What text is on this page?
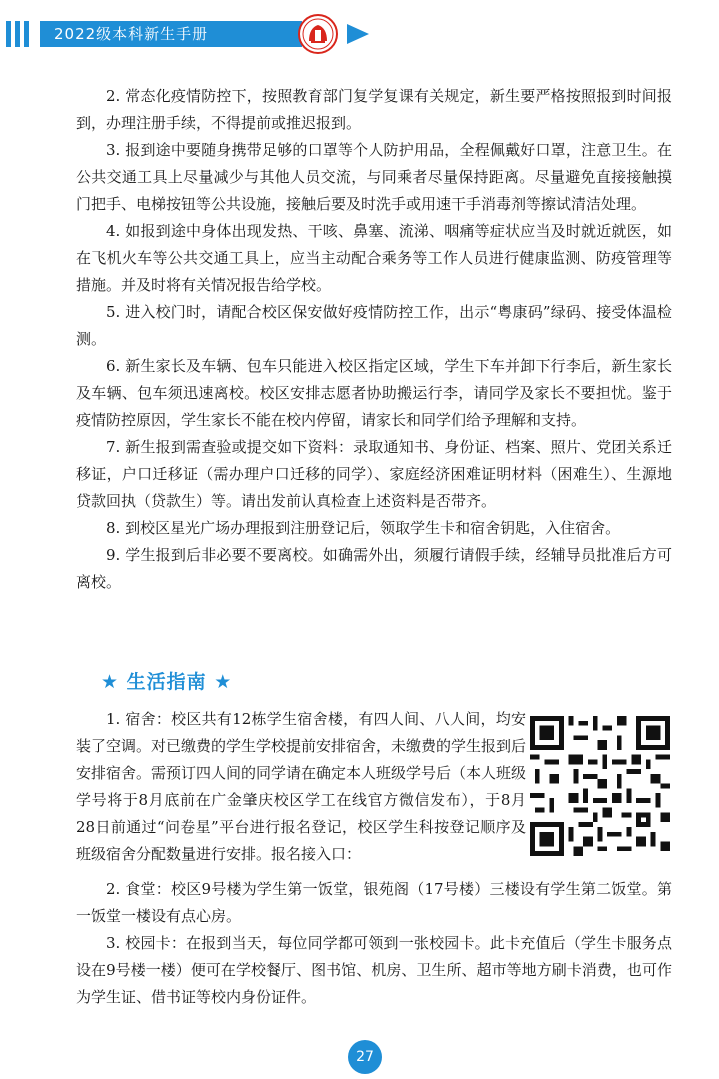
2022级本科新生手册

2. 常态化疫情防控下，按照教育部门复学复课有关规定，新生要严格按照报到时间报到，办理注册手续，不得提前或推迟报到。

3. 报到途中要随身携带足够的口罩等个人防护用品，全程佩戴好口罩，注意卫生。在公共交通工具上尽量减少与其他人员交流，与同乘者尽量保持距离。尽量避免直接接触摸门把手、电梯按钮等公共设施，接触后要及时洗手或用速干手消毒剂等擦试清洁处理。

4. 如报到途中身体出现发热、干咳、鼻塞、流涕、咽痛等症状应当及时就近就医，如在飞机火车等公共交通工具上，应当主动配合乘务等工作人员进行健康监测、防疫管理等措施。并及时将有关情况报告给学校。

5. 进入校门时，请配合校区保安做好疫情防控工作，出示“粤康码”绿码、接受体温检测。

6. 新生家长及车辆、包车只能进入校区指定区域，学生下车并卸下行李后，新生家长及车辆、包车须迅速离校。校区安排志愿者协助搬运行李，请同学及家长不要担忧。鉴于疫情防控原因，学生家长不能在校内停留，请家长和同学们给予理解和支持。

7. 新生报到需查验或提交如下资料：录取通知书、身份证、档案、照片、党团关系迁移证，户口迁移证（需办理户口迁移的同学）、家庭经济困难证明材料（困难生）、生源地贷款回执（贷款生）等。请出发前认真检查上述资料是否带齐。

8. 到校区星光广场办理报到注册登记后，领取学生卡和宿舍钥匙，入住宿舍。

9. 学生报到后非必要不要离校。如确需外出，须履行请假手续，经辅导员批准后方可离校。

★ 生活指南 ★

1. 宿舍：校区共有12栋学生宿舍楼，有四人间、八人间，均安装了空调。对已缴费的学生学校提前安排宿舍，未缴费的学生报到后安排宿舍。需预订四人间的同学请在确定本人班级学号后（本人班级学号将于8月底前在广金肇庆校区学工在线官方微信发布），于8月28日前通过“问卷星”平台进行报名登记，校区学生科按登记顺序及班级宿舍分配数量进行安排。报名接入口：

2. 食堂：校区9号楼为学生第一饭堂，银苑阁（17号楼）三楼设有学生第二饭堂。第一饭堂一楼设有点心房。

3. 校园卡：在报到当天，每位同学都可领到一张校园卡。此卡充值后（学生卡服务点设在9号楼一楼）便可在学校餐厅、图书馆、机房、卫生所、超市等地方刷卡消费，也可作为学生证、借书证等校内身份证件。

27
